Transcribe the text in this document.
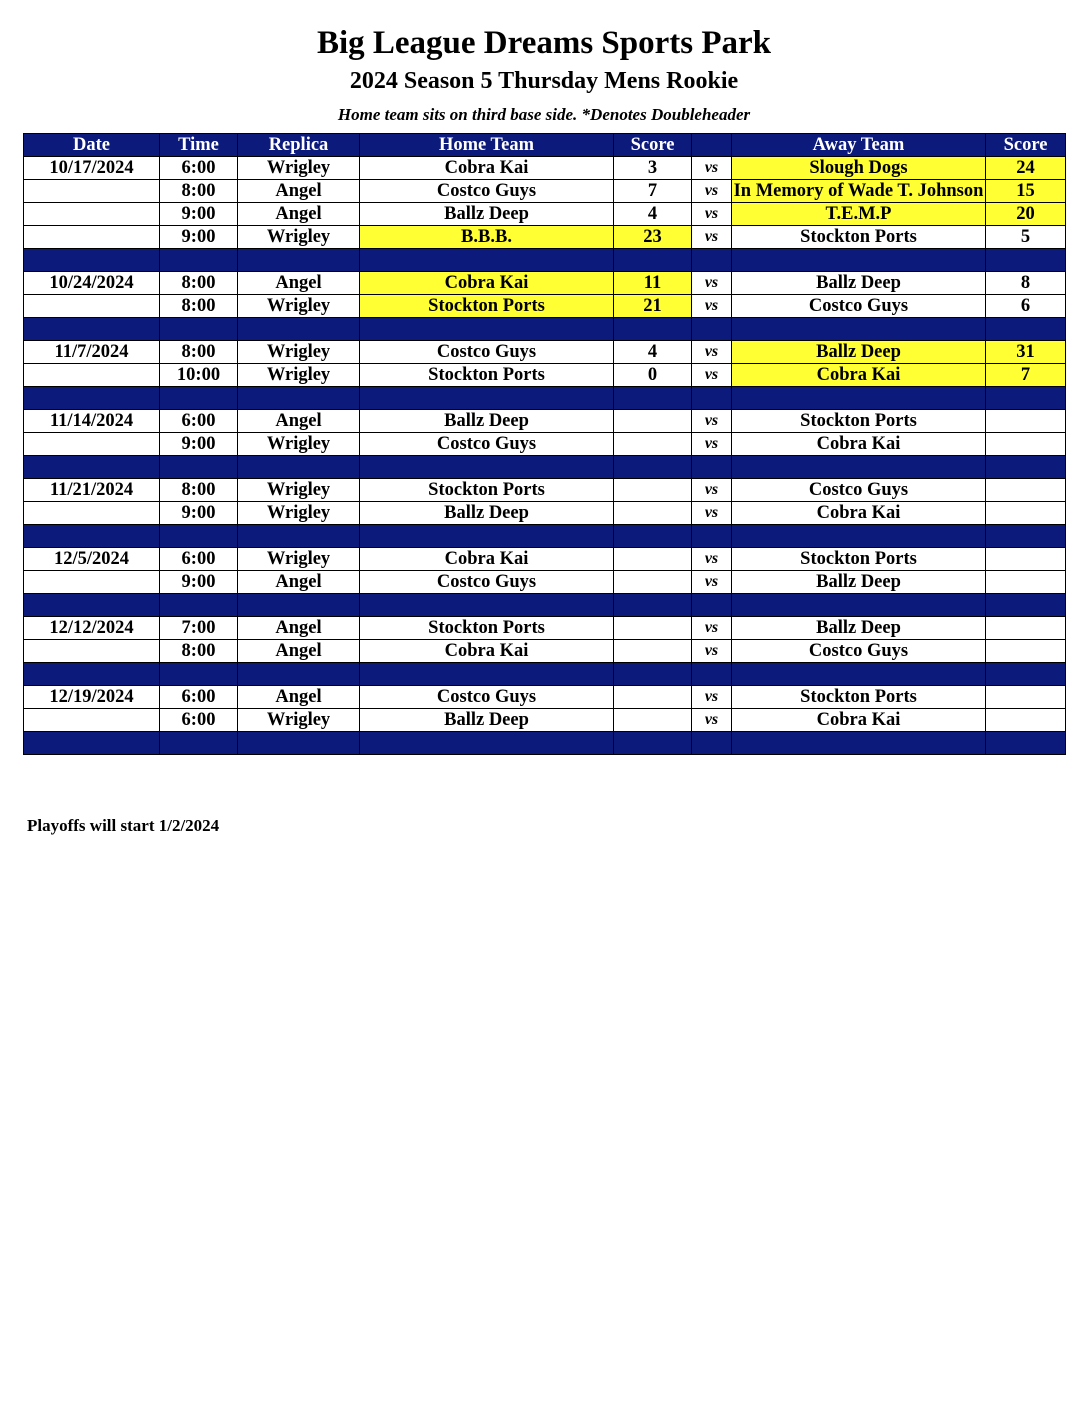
Big League Dreams Sports Park
2024 Season 5 Thursday Mens Rookie
Home team sits on third base side. *Denotes Doubleheader
Date	Time	Replica	Home Team	Score		Away Team	Score
10/17/2024	6:00	Wrigley	Cobra Kai	3	vs	Slough Dogs	24
	8:00	Angel	Costco Guys	7	vs	In Memory of Wade T. Johnson	15
	9:00	Angel	Ballz Deep	4	vs	T.E.M.P	20
	9:00	Wrigley	B.B.B.	23	vs	Stockton Ports	5

10/24/2024	8:00	Angel	Cobra Kai	11	vs	Ballz Deep	8
	8:00	Wrigley	Stockton Ports	21	vs	Costco Guys	6

11/7/2024	8:00	Wrigley	Costco Guys	4	vs	Ballz Deep	31
	10:00	Wrigley	Stockton Ports	0	vs	Cobra Kai	7

11/14/2024	6:00	Angel	Ballz Deep		vs	Stockton Ports	
	9:00	Wrigley	Costco Guys		vs	Cobra Kai	

11/21/2024	8:00	Wrigley	Stockton Ports		vs	Costco Guys	
	9:00	Wrigley	Ballz Deep		vs	Cobra Kai	

12/5/2024	6:00	Wrigley	Cobra Kai		vs	Stockton Ports	
	9:00	Angel	Costco Guys		vs	Ballz Deep	

12/12/2024	7:00	Angel	Stockton Ports		vs	Ballz Deep	
	8:00	Angel	Cobra Kai		vs	Costco Guys	

12/19/2024	6:00	Angel	Costco Guys		vs	Stockton Ports	
	6:00	Wrigley	Ballz Deep		vs	Cobra Kai	

Playoffs will start 1/2/2024
